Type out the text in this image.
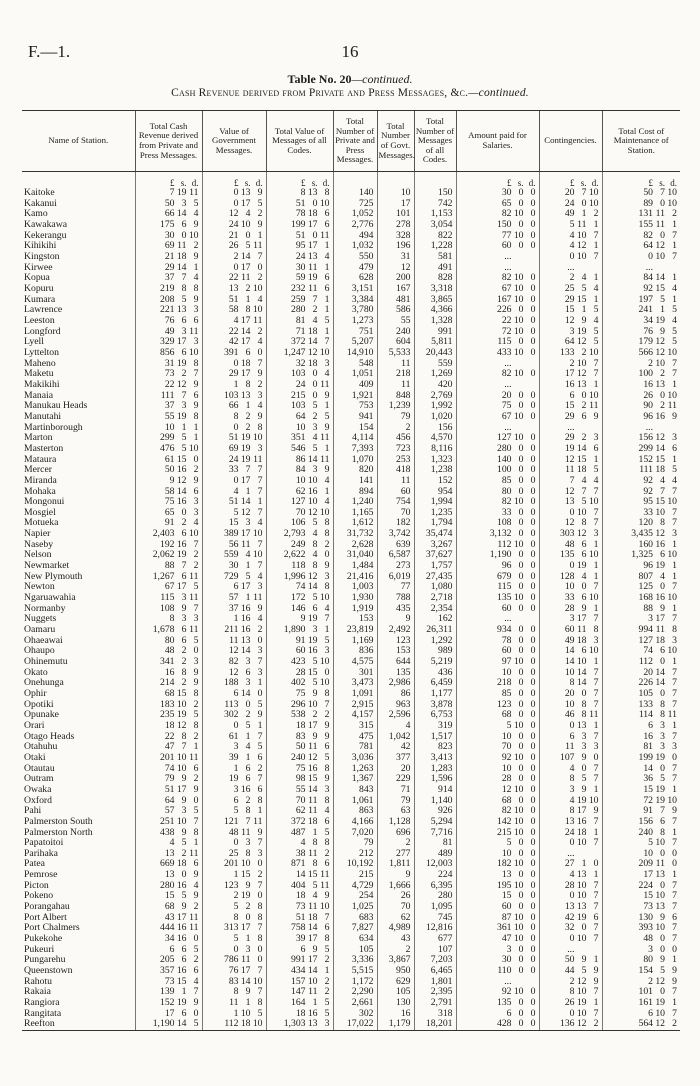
F.—1.	16
Table No. 20—continued.
Cash Revenue derived from Private and Press Messages, &c.—continued.
Name of Station.	Total Cash Revenue derived from Private and Press Messages.	Value of Government Messages.	Total Value of Messages of all Codes.	Total Number of Private and Press Messages.	Total Number of Govt. Messages.	Total Number of Messages of all Codes.	Amount paid for Salaries.	Contingencies.	Total Cost of Maintenance of Station.

	£ s. d.	£ s. d.	£ s. d.				£ s. d.	£ s. d.	£ s. d.

Kaitoke	7 19 11	0 13 9	8 13 8	140	10	150	30 0 0	20 7 10	50 7 10

Kakanui	50 3 5	0 17 5	51 0 10	725	17	742	65 0 0	24 0 10	89 0 10

Kamo	66 14 4	12 4 2	78 18 6	1,052	101	1,153	82 10 0	49 1 2	131 11 2

Kawakawa	175 6 9	24 10 9	199 17 6	2,776	278	3,054	150 0 0	5 11 1	155 11 1

Kekerangu	30 0 10	21 0 1	51 0 11	494	328	822	77 10 0	4 10 7	82 0 7

Kihikihi	69 11 2	26 5 11	95 17 1	1,032	196	1,228	60 0 0	4 12 1	64 12 1

Kingston	21 18 9	2 14 7	24 13 4	550	31	581	...	0 10 7	0 10 7

Kirwee	29 14 1	0 17 0	30 11 1	479	12	491	...	...	...

Kopua	37 7 4	22 11 2	59 19 6	628	200	828	82 10 0	2 4 1	84 14 1

Kopuru	219 8 8	13 2 10	232 11 6	3,151	167	3,318	67 10 0	25 5 4	92 15 4

Kumara	208 5 9	51 1 4	259 7 1	3,384	481	3,865	167 10 0	29 15 1	197 5 1

Lawrence	221 13 3	58 8 10	280 2 1	3,780	586	4,366	226 0 0	15 1 5	241 1 5

Leeston	76 6 6	4 17 11	81 4 5	1,273	55	1,328	22 10 0	12 9 4	34 19 4

Longford	49 3 11	22 14 2	71 18 1	751	240	991	72 10 0	3 19 5	76 9 5

Lyell	329 17 3	42 17 4	372 14 7	5,207	604	5,811	115 0 0	64 12 5	179 12 5

Lyttelton	856 6 10	391 6 0	1,247 12 10	14,910	5,533	20,443	433 10 0	133 2 10	566 12 10

Maheno	31 19 8	0 18 7	32 18 3	548	11	559	...	2 10 7	2 10 7

Maketu	73 2 7	29 17 9	103 0 4	1,051	218	1,269	82 10 0	17 12 7	100 2 7

Makikihi	22 12 9	1 8 2	24 0 11	409	11	420	...	16 13 1	16 13 1

Manaia	111 7 6	103 13 3	215 0 9	1,921	848	2,769	20 0 0	6 0 10	26 0 10

Manukau Heads	37 3 9	66 1 4	103 5 1	753	1,239	1,992	75 0 0	15 2 11	90 2 11

Manutahi	55 19 8	8 2 9	64 2 5	941	79	1,020	67 10 0	29 6 9	96 16 9

Martinborough	10 1 1	0 2 8	10 3 9	154	2	156	...	...	...

Marton	299 5 1	51 19 10	351 4 11	4,114	456	4,570	127 10 0	29 2 3	156 12 3

Masterton	476 5 10	69 19 3	546 5 1	7,393	723	8,116	280 0 0	19 14 6	299 14 6

Mataura	61 15 0	24 19 11	86 14 11	1,070	253	1,323	140 0 0	12 15 1	152 15 1

Mercer	50 16 2	33 7 7	84 3 9	820	418	1,238	100 0 0	11 18 5	111 18 5

Miranda	9 12 9	0 17 7	10 10 4	141	11	152	85 0 0	7 4 4	92 4 4

Mohaka	58 14 6	4 1 7	62 16 1	894	60	954	80 0 0	12 7 7	92 7 7

Mongonui	75 16 3	51 14 1	127 10 4	1,240	754	1,994	82 10 0	13 5 10	95 15 10

Mosgiel	65 0 3	5 12 7	70 12 10	1,165	70	1,235	33 0 0	0 10 7	33 10 7

Motueka	91 2 4	15 3 4	106 5 8	1,612	182	1,794	108 0 0	12 8 7	120 8 7

Napier	2,403 6 10	389 17 10	2,793 4 8	31,732	3,742	35,474	3,132 0 0	303 12 3	3,435 12 3

Naseby	192 16 7	56 11 7	249 8 2	2,628	639	3,267	112 10 0	48 6 1	160 16 1

Nelson	2,062 19 2	559 4 10	2,622 4 0	31,040	6,587	37,627	1,190 0 0	135 6 10	1,325 6 10

Newmarket	88 7 2	30 1 7	118 8 9	1,484	273	1,757	96 0 0	0 19 1	96 19 1

New Plymouth	1,267 6 11	729 5 4	1,996 12 3	21,416	6,019	27,435	679 0 0	128 4 1	807 4 1

Newton	67 17 5	6 17 3	74 14 8	1,003	77	1,080	115 0 0	10 0 7	125 0 7

Ngaruawahia	115 3 11	57 1 11	172 5 10	1,930	788	2,718	135 10 0	33 6 10	168 16 10

Normanby	108 9 7	37 16 9	146 6 4	1,919	435	2,354	60 0 0	28 9 1	88 9 1

Nuggets	8 3 3	1 16 4	9 19 7	153	9	162	...	3 17 7	3 17 7

Oamaru	1,678 6 11	211 16 2	1,890 3 1	23,819	2,492	26,311	934 0 0	60 11 8	994 11 8

Ohaeawai	80 6 5	11 13 0	91 19 5	1,169	123	1,292	78 0 0	49 18 3	127 18 3

Ohaupo	48 2 0	12 14 3	60 16 3	836	153	989	60 0 0	14 6 10	74 6 10

Ohinemutu	341 2 3	82 3 7	423 5 10	4,575	644	5,219	97 10 0	14 10 1	112 0 1

Okato	16 8 9	12 6 3	28 15 0	301	135	436	10 0 0	10 14 7	20 14 7

Onehunga	214 2 9	188 3 1	402 5 10	3,473	2,986	6,459	218 0 0	8 14 7	226 14 7

Ophir	68 15 8	6 14 0	75 9 8	1,091	86	1,177	85 0 0	20 0 7	105 0 7

Opotiki	183 10 2	113 0 5	296 10 7	2,915	963	3,878	123 0 0	10 8 7	133 8 7

Opunake	235 19 5	302 2 9	538 2 2	4,157	2,596	6,753	68 0 0	46 8 11	114 8 11

Orari	18 12 8	0 5 1	18 17 9	315	4	319	5 10 0	0 13 1	6 3 1

Otago Heads	22 8 2	61 1 7	83 9 9	475	1,042	1,517	10 0 0	6 3 7	16 3 7

Otahuhu	47 7 1	3 4 5	50 11 6	781	42	823	70 0 0	11 3 3	81 3 3

Otaki	201 10 11	39 1 6	240 12 5	3,036	377	3,413	92 10 0	107 9 0	199 19 0

Otautau	74 10 6	1 6 2	75 16 8	1,263	20	1,283	10 0 0	4 0 7	14 0 7

Outram	79 9 2	19 6 7	98 15 9	1,367	229	1,596	28 0 0	8 5 7	36 5 7

Owaka	51 17 9	3 16 6	55 14 3	843	71	914	12 10 0	3 9 1	15 19 1

Oxford	64 9 0	6 2 8	70 11 8	1,061	79	1,140	68 0 0	4 19 10	72 19 10

Pahi	57 3 5	5 8 1	62 11 4	863	63	926	82 10 0	8 17 9	91 7 9

Palmerston South	251 10 7	121 7 11	372 18 6	4,166	1,128	5,294	142 10 0	13 16 7	156 6 7

Palmerston North	438 9 8	48 11 9	487 1 5	7,020	696	7,716	215 10 0	24 18 1	240 8 1

Papatoitoi	4 5 1	0 3 7	4 8 8	79	2	81	5 0 0	0 10 7	5 10 7

Parihaka	13 2 11	25 8 3	38 11 2	212	277	489	10 0 0	...	10 0 0

Patea	669 18 6	201 10 0	871 8 6	10,192	1,811	12,003	182 10 0	27 1 0	209 11 0

Pemrose	13 0 9	1 15 2	14 15 11	215	9	224	13 0 0	4 13 1	17 13 1

Picton	280 16 4	123 9 7	404 5 11	4,729	1,666	6,395	195 10 0	28 10 7	224 0 7

Pokeno	15 5 9	2 19 0	18 4 9	254	26	280	15 0 0	0 10 7	15 10 7

Porangahau	68 9 2	5 2 8	73 11 10	1,025	70	1,095	60 0 0	13 13 7	73 13 7

Port Albert	43 17 11	8 0 8	51 18 7	683	62	745	87 10 0	42 19 6	130 9 6

Port Chalmers	444 16 11	313 17 7	758 14 6	7,827	4,989	12,816	361 10 0	32 0 7	393 10 7

Pukekohe	34 16 0	5 1 8	39 17 8	634	43	677	47 10 0	0 10 7	48 0 7

Pukeuri	6 6 5	0 3 0	6 9 5	105	2	107	3 0 0	...	3 0 0

Pungarehu	205 6 2	786 11 0	991 17 2	3,336	3,867	7,203	30 0 0	50 9 1	80 9 1

Queenstown	357 16 6	76 17 7	434 14 1	5,515	950	6,465	110 0 0	44 5 9	154 5 9

Rahotu	73 15 4	83 14 10	157 10 2	1,172	629	1,801	...	2 12 9	2 12 9

Rakaia	139 1 7	8 9 7	147 11 2	2,290	105	2,395	92 10 0	8 10 7	101 0 7

Rangiora	152 19 9	11 1 8	164 1 5	2,661	130	2,791	135 0 0	26 19 1	161 19 1

Rangitata	17 6 0	1 10 5	18 16 5	302	16	318	6 0 0	0 10 7	6 10 7

Reefton	1,190 14 5	112 18 10	1,303 13 3	17,022	1,179	18,201	428 0 0	136 12 2	564 12 2
